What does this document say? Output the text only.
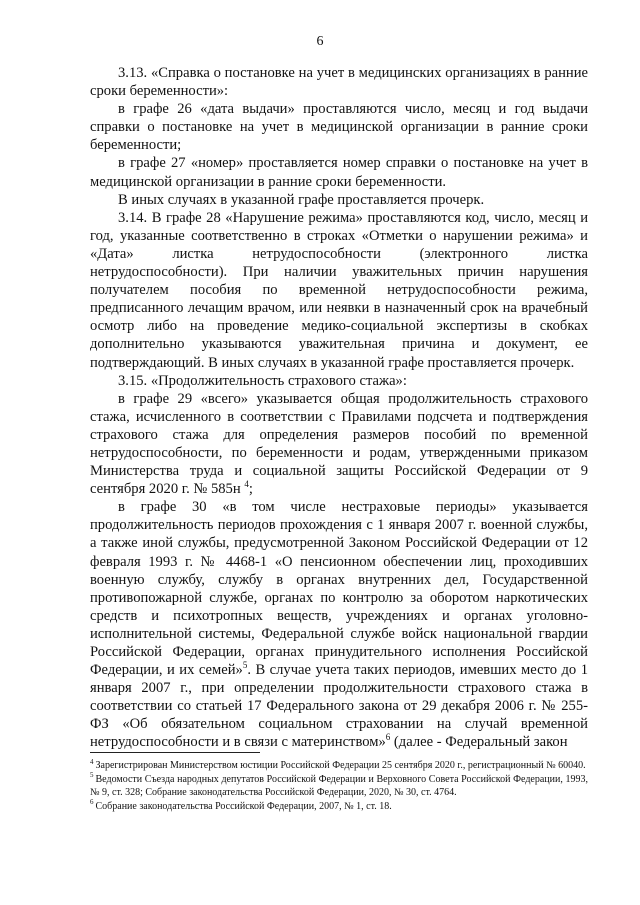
6

3.13. «Справка о постановке на учет в медицинских организациях в ранние сроки беременности»:

в графе 26 «дата выдачи» проставляются число, месяц и год выдачи справки о постановке на учет в медицинской организации в ранние сроки беременности;

в графе 27 «номер» проставляется номер справки о постановке на учет в медицинской организации в ранние сроки беременности.

В иных случаях в указанной графе проставляется прочерк.

3.14. В графе 28 «Нарушение режима» проставляются код, число, месяц и год, указанные соответственно в строках «Отметки о нарушении режима» и «Дата» листка нетрудоспособности (электронного листка нетрудоспособности). При наличии уважительных причин нарушения получателем пособия по временной нетрудоспособности режима, предписанного лечащим врачом, или неявки в назначенный срок на врачебный осмотр либо на проведение медико-социальной экспертизы в скобках дополнительно указываются уважительная причина и документ, ее подтверждающий. В иных случаях в указанной графе проставляется прочерк.

3.15. «Продолжительность страхового стажа»:

в графе 29 «всего» указывается общая продолжительность страхового стажа, исчисленного в соответствии с Правилами подсчета и подтверждения страхового стажа для определения размеров пособий по временной нетрудоспособности, по беременности и родам, утвержденными приказом Министерства труда и социальной защиты Российской Федерации от 9 сентября 2020 г. № 585н $^4$;

в графе 30 «в том числе нестраховые периоды» указывается продолжительность периодов прохождения с 1 января 2007 г. военной службы, а также иной службы, предусмотренной Законом Российской Федерации от 12 февраля 1993 г. № 4468-1 «О пенсионном обеспечении лиц, проходивших военную службу, службу в органах внутренних дел, Государственной противопожарной службе, органах по контролю за оборотом наркотических средств и психотропных веществ, учреждениях и органах уголовно-исполнительной системы, Федеральной службе войск национальной гвардии Российской Федерации, органах принудительного исполнения Российской Федерации, и их семей»$^5$. В случае учета таких периодов, имевших место до 1 января 2007 г., при определении продолжительности страхового стажа в соответствии со статьей 17 Федерального закона от 29 декабря 2006 г. № 255-ФЗ «Об обязательном социальном страховании на случай временной нетрудоспособности и в связи с материнством»$^6$ (далее - Федеральный закон

$^4$ Зарегистрирован Министерством юстиции Российской Федерации 25 сентября 2020 г., регистрационный № 60040.

$^5$ Ведомости Съезда народных депутатов Российской Федерации и Верховного Совета Российской Федерации, 1993, № 9, ст. 328; Собрание законодательства Российской Федерации, 2020, № 30, ст. 4764.

$^6$ Собрание законодательства Российской Федерации, 2007, № 1, ст. 18.
